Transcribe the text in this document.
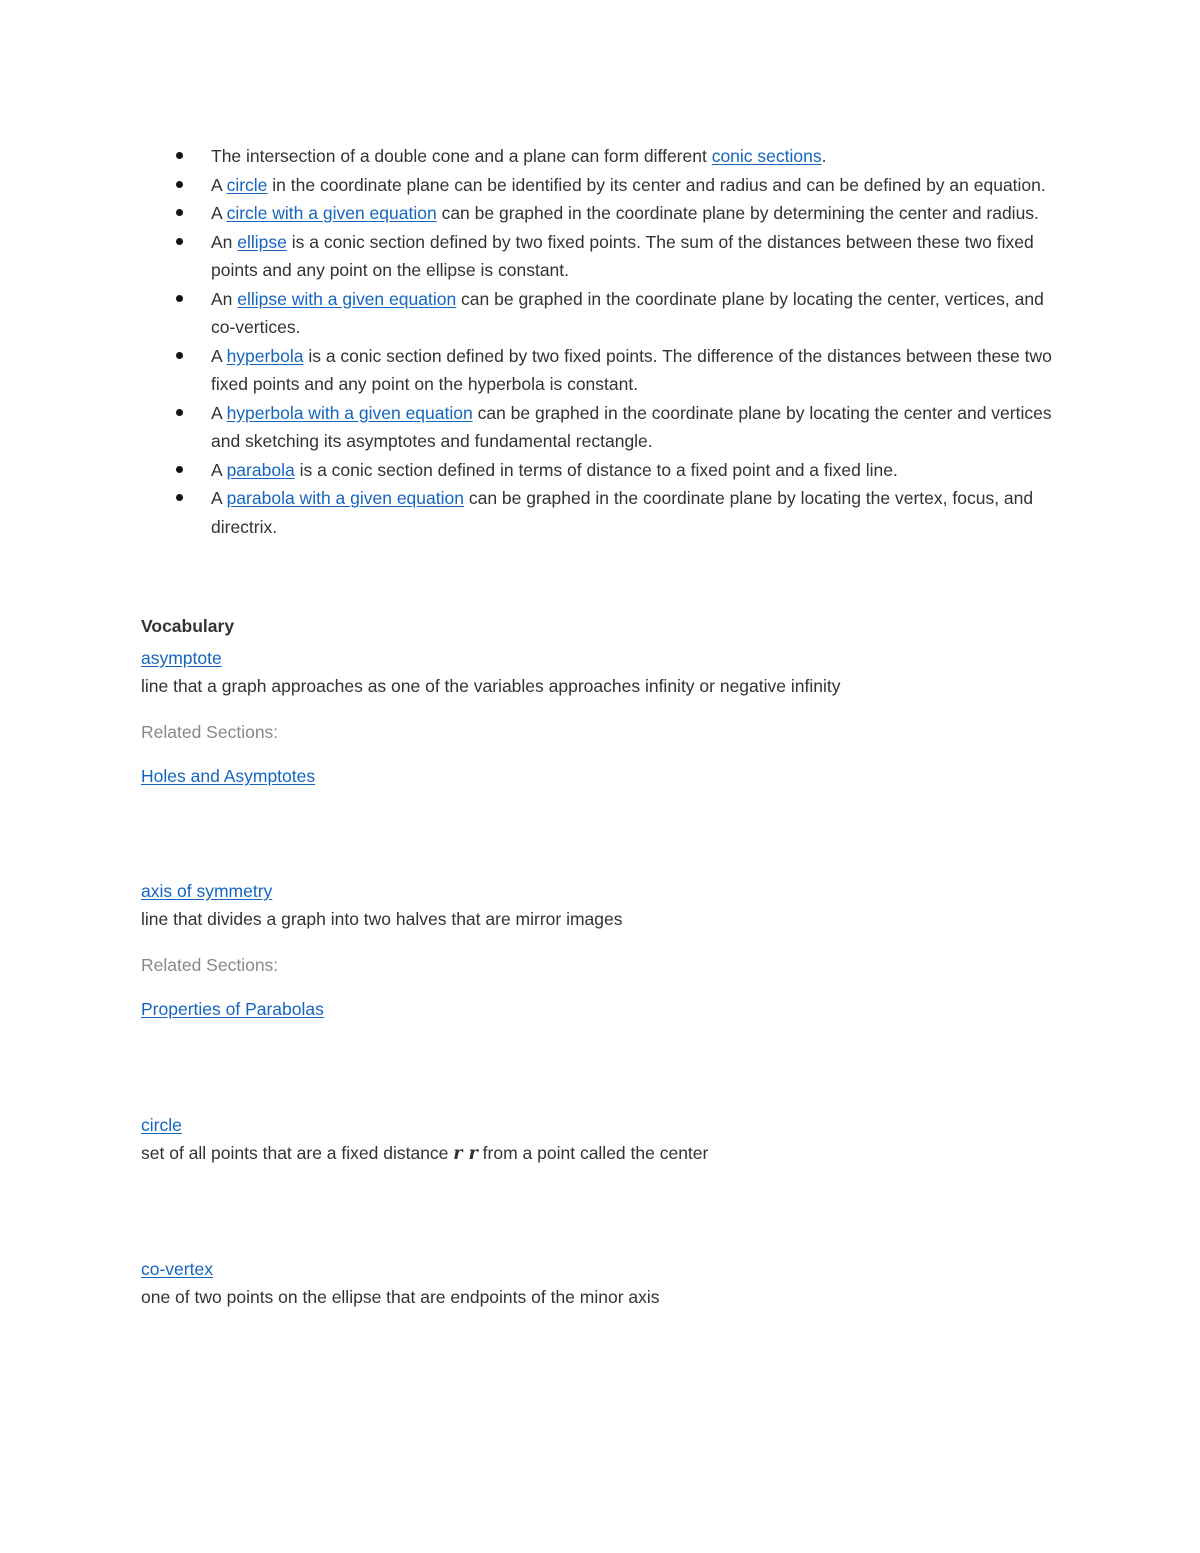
The intersection of a double cone and a plane can form different conic sections.
A circle in the coordinate plane can be identified by its center and radius and can be defined by an equation.
A circle with a given equation can be graphed in the coordinate plane by determining the center and radius.
An ellipse is a conic section defined by two fixed points. The sum of the distances between these two fixed points and any point on the ellipse is constant.
An ellipse with a given equation can be graphed in the coordinate plane by locating the center, vertices, and co-vertices.
A hyperbola is a conic section defined by two fixed points. The difference of the distances between these two fixed points and any point on the hyperbola is constant.
A hyperbola with a given equation can be graphed in the coordinate plane by locating the center and vertices and sketching its asymptotes and fundamental rectangle.
A parabola is a conic section defined in terms of distance to a fixed point and a fixed line.
A parabola with a given equation can be graphed in the coordinate plane by locating the vertex, focus, and directrix.
Vocabulary
asymptote
line that a graph approaches as one of the variables approaches infinity or negative infinity
Related Sections:
Holes and Asymptotes
axis of symmetry
line that divides a graph into two halves that are mirror images
Related Sections:
Properties of Parabolas
circle
set of all points that are a fixed distance r r from a point called the center
co-vertex
one of two points on the ellipse that are endpoints of the minor axis
